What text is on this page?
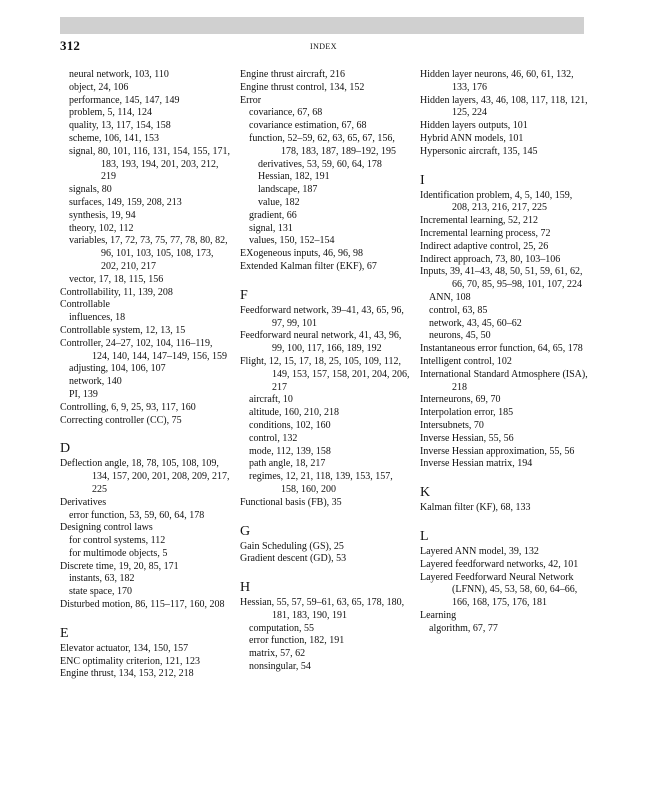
312	INDEX
neural network, 103, 110
object, 24, 106
performance, 145, 147, 149
problem, 5, 114, 124
quality, 13, 117, 154, 158
scheme, 106, 141, 153
signal, 80, 101, 116, 131, 154, 155, 171, 183, 193, 194, 201, 203, 212, 219
signals, 80
surfaces, 149, 159, 208, 213
synthesis, 19, 94
theory, 102, 112
variables, 17, 72, 73, 75, 77, 78, 80, 82, 96, 101, 103, 105, 108, 173, 202, 210, 217
vector, 17, 18, 115, 156
Controllability, 11, 139, 208
Controllable
influences, 18
Controllable system, 12, 13, 15
Controller, 24–27, 102, 104, 116–119, 124, 140, 144, 147–149, 156, 159
adjusting, 104, 106, 107
network, 140
PI, 139
Controlling, 6, 9, 25, 93, 117, 160
Correcting controller (CC), 75
D
Deflection angle, 18, 78, 105, 108, 109, 134, 157, 200, 201, 208, 209, 217, 225
Derivatives
error function, 53, 59, 60, 64, 178
Designing control laws
for control systems, 112
for multimode objects, 5
Discrete time, 19, 20, 85, 171
instants, 63, 182
state space, 170
Disturbed motion, 86, 115–117, 160, 208
E
Elevator actuator, 134, 150, 157
ENC optimality criterion, 121, 123
Engine thrust, 134, 153, 212, 218
Engine thrust aircraft, 216
Engine thrust control, 134, 152
Error
covariance, 67, 68
covariance estimation, 67, 68
function, 52–59, 62, 63, 65, 67, 156, 178, 183, 187, 189–192, 195
derivatives, 53, 59, 60, 64, 178
Hessian, 182, 191
landscape, 187
value, 182
gradient, 66
signal, 131
values, 150, 152–154
EXogeneous inputs, 46, 96, 98
Extended Kalman filter (EKF), 67
F
Feedforward network, 39–41, 43, 65, 96, 97, 99, 101
Feedforward neural network, 41, 43, 96, 99, 100, 117, 166, 189, 192
Flight, 12, 15, 17, 18, 25, 105, 109, 112, 149, 153, 157, 158, 201, 204, 206, 217
aircraft, 10
altitude, 160, 210, 218
conditions, 102, 160
control, 132
mode, 112, 139, 158
path angle, 18, 217
regimes, 12, 21, 118, 139, 153, 157, 158, 160, 200
Functional basis (FB), 35
G
Gain Scheduling (GS), 25
Gradient descent (GD), 53
H
Hessian, 55, 57, 59–61, 63, 65, 178, 180, 181, 183, 190, 191
computation, 55
error function, 182, 191
matrix, 57, 62
nonsingular, 54
Hidden layer neurons, 46, 60, 61, 132, 133, 176
Hidden layers, 43, 46, 108, 117, 118, 121, 125, 224
Hidden layers outputs, 101
Hybrid ANN models, 101
Hypersonic aircraft, 135, 145
I
Identification problem, 4, 5, 140, 159, 208, 213, 216, 217, 225
Incremental learning, 52, 212
Incremental learning process, 72
Indirect adaptive control, 25, 26
Indirect approach, 73, 80, 103–106
Inputs, 39, 41–43, 48, 50, 51, 59, 61, 62, 66, 70, 85, 95–98, 101, 107, 224
ANN, 108
control, 63, 85
network, 43, 45, 60–62
neurons, 45, 50
Instantaneous error function, 64, 65, 178
Intelligent control, 102
International Standard Atmosphere (ISA), 218
Interneurons, 69, 70
Interpolation error, 185
Intersubnets, 70
Inverse Hessian, 55, 56
Inverse Hessian approximation, 55, 56
Inverse Hessian matrix, 194
K
Kalman filter (KF), 68, 133
L
Layered ANN model, 39, 132
Layered feedforward networks, 42, 101
Layered Feedforward Neural Network (LFNN), 45, 53, 58, 60, 64–66, 166, 168, 175, 176, 181
Learning
algorithm, 67, 77
